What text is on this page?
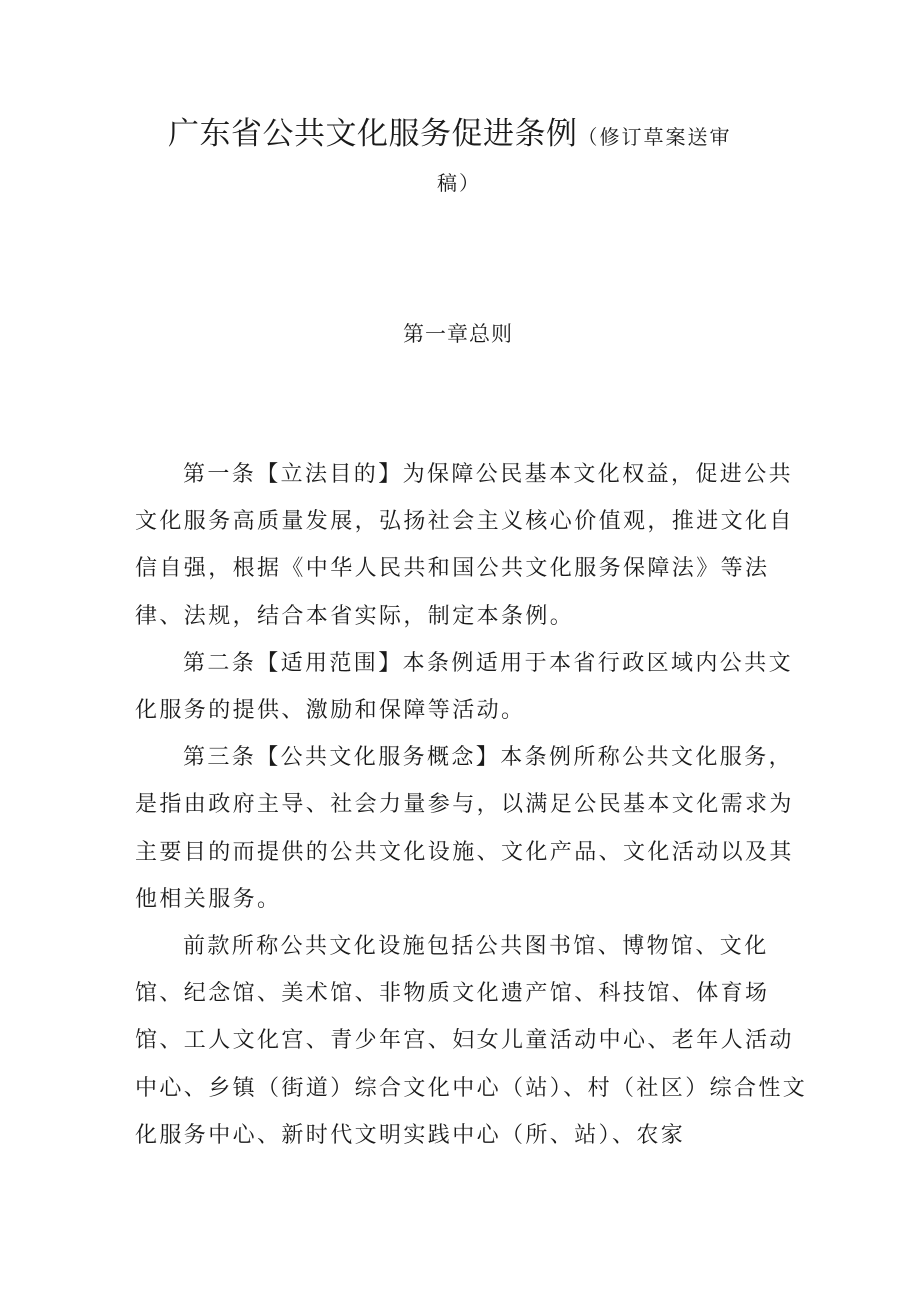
广东省公共文化服务促进条例（修订草案送审
稿）
第一章总则

第一条【立法目的】为保障公民基本文化权益，促进公共文化服务高质量发展，弘扬社会主义核心价值观，推进文化自信自强，根据《中华人民共和国公共文化服务保障法》等法律、法规，结合本省实际，制定本条例。

第二条【适用范围】本条例适用于本省行政区域内公共文化服务的提供、激励和保障等活动。

第三条【公共文化服务概念】本条例所称公共文化服务，是指由政府主导、社会力量参与，以满足公民基本文化需求为主要目的而提供的公共文化设施、文化产品、文化活动以及其他相关服务。

前款所称公共文化设施包括公共图书馆、博物馆、文化馆、纪念馆、美术馆、非物质文化遗产馆、科技馆、体育场馆、工人文化宫、青少年宫、妇女儿童活动中心、老年人活动中心、乡镇（街道）综合文化中心（站）、村（社区）综合性文化服务中心、新时代文明实践中心（所、站）、农家
